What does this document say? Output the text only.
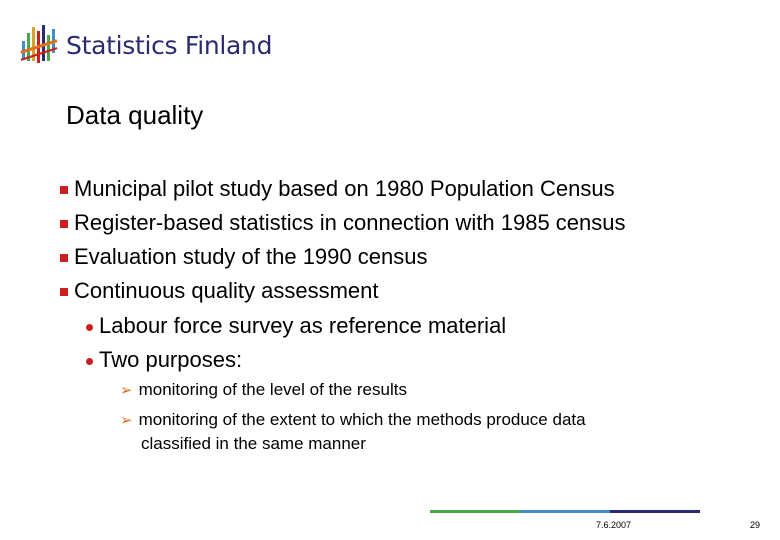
Statistics Finland
Data quality
Municipal pilot study based on 1980 Population Census
Register-based statistics in connection with 1985 census
Evaluation study of the 1990 census
Continuous quality assessment
Labour force survey as reference material
Two purposes:
➢ monitoring of the level of the results
➢ monitoring of the extent to which the methods produce data
classified in the same manner
7.6.2007	29
